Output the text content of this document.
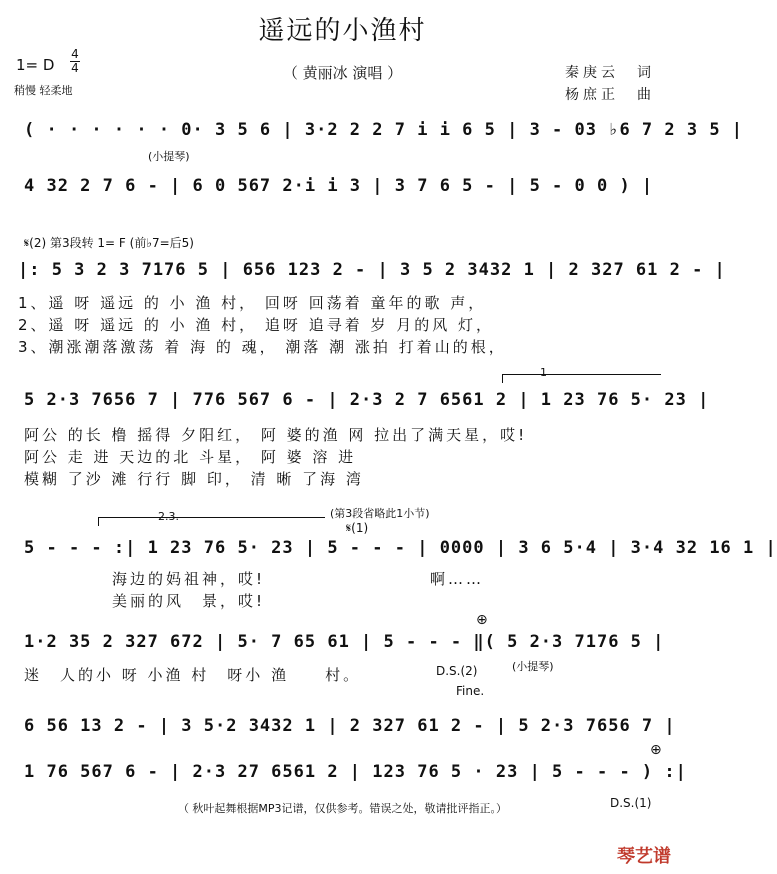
遥远的小渔村
（ 黄丽冰 演唱 ）
1= D
4
4
稍慢 轻柔地
秦庚云　词
杨庶正　曲
( · · · · · · 0· 3 5 6 | 3·2 2 2 7 i i 6 5 | 3 - 03 ♭6 7 2 3 5 |
(小提琴)
4 32 2 7 6 - | 6 0 567 2·i i 3 | 3 7 6 5 - | 5 - 0 0 ) |
𝄋(2) 第3段转 1= F (前♭7=后5)
|: 5 3 2 3 7176 5 | 656 123 2 - | 3 5 2 3432 1 | 2 327 61 2 - |
1、遥 呀 遥远 的 小 渔 村， 回呀 回荡着 童年的歌 声，
2、遥 呀 遥远 的 小 渔 村， 追呀 追寻着 岁 月的风 灯，
3、潮涨潮落激荡 着 海 的 魂， 潮落 潮 涨拍 打着山的根，
1
5 2·3 7656 7 | 776 567 6 - | 2·3 2 7 6561 2 | 1 23 76 5· 23 |
阿公 的长 橹 摇得 夕阳红， 阿 婆的渔 网 拉出了满天星，哎!
阿公 走 进 天边的北 斗星， 阿 婆 溶 进
模糊 了沙 滩 行行 脚 印， 清 晰 了海 湾
2.3.	(第3段省略此1小节)
𝄋(1)
5 - - - :| 1 23 76 5· 23 | 5 - - - | 0000 | 3 6 5·4 | 3·4 32 16 1 |
海边的妈祖神，哎!	啊……
美丽的风　景，哎!
⊕
1·2 35 2 327 672 | 5· 7 65 61 | 5 - - - ‖( 5 2·3 7176 5 |
迷　人的小 呀 小渔 村　呀小 渔　　村。	D.S.(2)
Fine.
(小提琴)
6 56 13 2 - | 3 5·2 3432 1 | 2 327 61 2 - | 5 2·3 7656 7 |
⊕
1 76 567 6 - | 2·3 27 6561 2 | 123 76 5 · 23 | 5 - - - ) :|
（ 秋叶起舞根据MP3记谱，仅供参考。错误之处，敬请批评指正。）	D.S.(1)
琴艺谱
